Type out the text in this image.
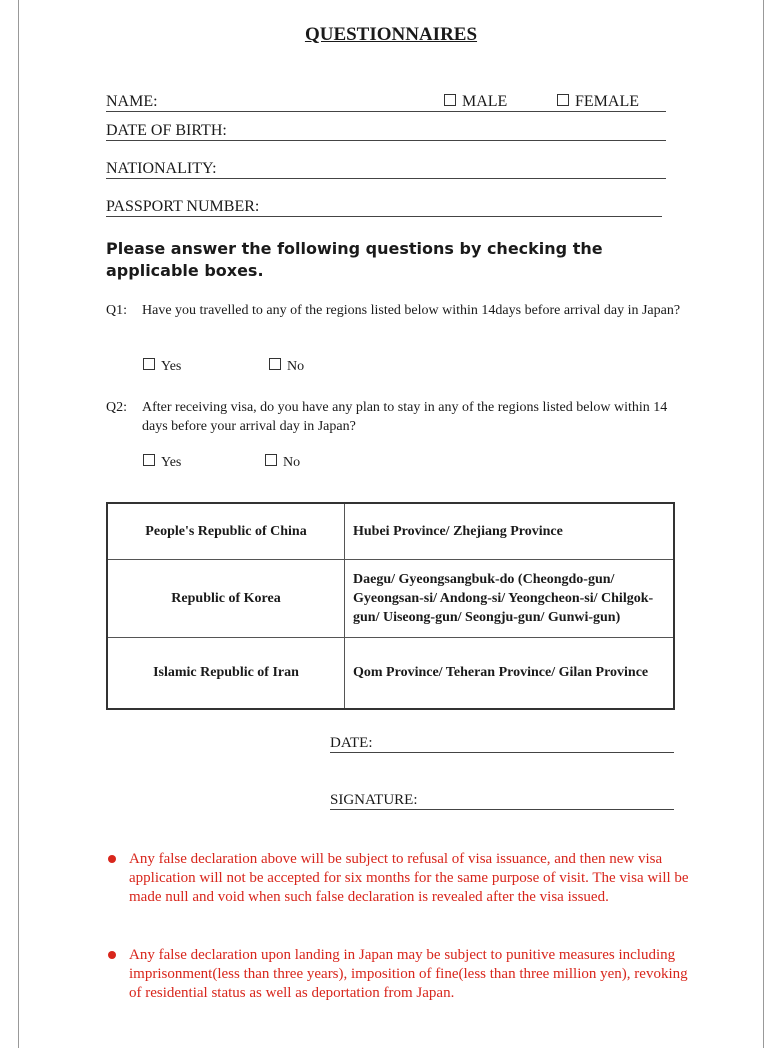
QUESTIONNAIRES
NAME:	MALE	FEMALE
DATE OF BIRTH:
NATIONALITY:
PASSPORT NUMBER:
Please answer the following questions by checking the applicable boxes.
Q1: Have you travelled to any of the regions listed below within 14days before arrival day in Japan?
Yes	No
Q2: After receiving visa, do you have any plan to stay in any of the regions listed below within 14 days before your arrival day in Japan?
Yes	No
People's Republic of China	Hubei Province/ Zhejiang Province
Republic of Korea	Daegu/ Gyeongsangbuk-do (Cheongdo-gun/ Gyeongsan-si/ Andong-si/ Yeongcheon-si/ Chilgok-gun/ Uiseong-gun/ Seongju-gun/ Gunwi-gun)
Islamic Republic of Iran	Qom Province/ Teheran Province/ Gilan Province
DATE:
SIGNATURE:
Any false declaration above will be subject to refusal of visa issuance, and then new visa application will not be accepted for six months for the same purpose of visit. The visa will be made null and void when such false declaration is revealed after the visa issued.
Any false declaration upon landing in Japan may be subject to punitive measures including imprisonment(less than three years), imposition of fine(less than three million yen), revoking of residential status as well as deportation from Japan.
